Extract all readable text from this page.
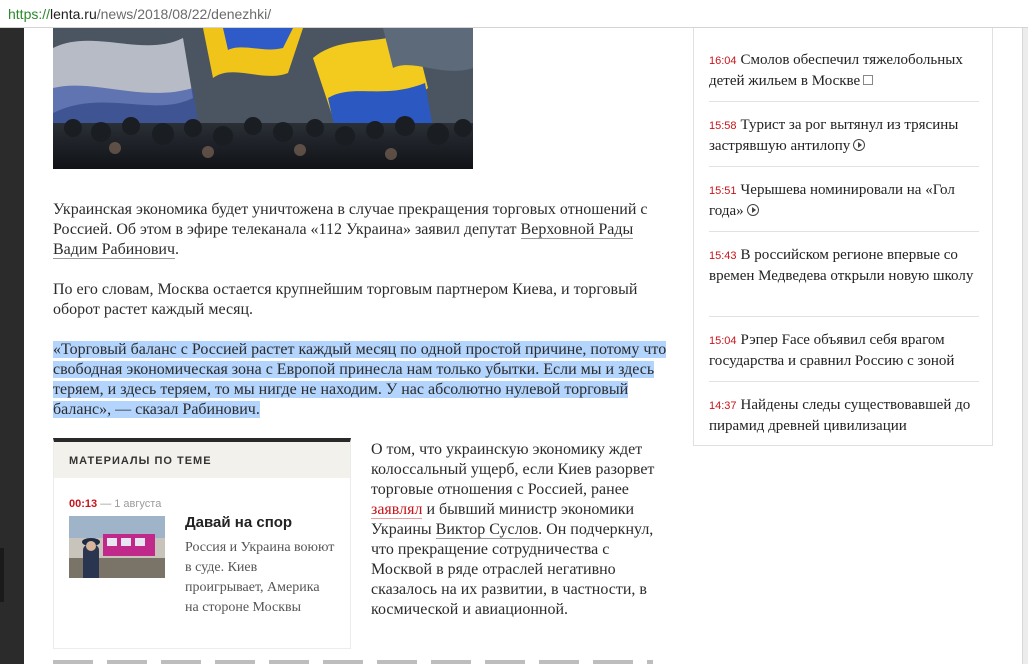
https://lenta.ru/news/2018/08/22/denezhki/

Украинская экономика будет уничтожена в случае прекращения торговых отношений с Россией. Об этом в эфире телеканала «112 Украина» заявил депутат Верховной Рады Вадим Рабинович.

По его словам, Москва остается крупнейшим торговым партнером Киева, и торговый оборот растет каждый месяц.

«Торговый баланс с Россией растет каждый месяц по одной простой причине, потому что свободная экономическая зона с Европой принесла нам только убытки. Если мы и здесь теряем, и здесь теряем, то мы нигде не находим. У нас абсолютно нулевой торговый баланс», — сказал Рабинович.

МАТЕРИАЛЫ ПО ТЕМЕ
00:13 — 1 августа
Давай на спор
Россия и Украина воюют в суде. Киев проигрывает, Америка на стороне Москвы

О том, что украинскую экономику ждет колоссальный ущерб, если Киев разорвет торговые отношения с Россией, ранее заявлял и бывший министр экономики Украины Виктор Суслов. Он подчеркнул, что прекращение сотрудничества с Москвой в ряде отраслей негативно сказалось на их развитии, в частности, в космической и авиационной.

16:04 Смолов обеспечил тяжелобольных детей жильем в Москве
15:58 Турист за рог вытянул из трясины застрявшую антилопу
15:51 Черышева номинировали на «Гол года»
15:43 В российском регионе впервые со времен Медведева открыли новую школу
15:04 Рэпер Face объявил себя врагом государства и сравнил Россию с зоной
14:37 Найдены следы существовавшей до пирамид древней цивилизации
